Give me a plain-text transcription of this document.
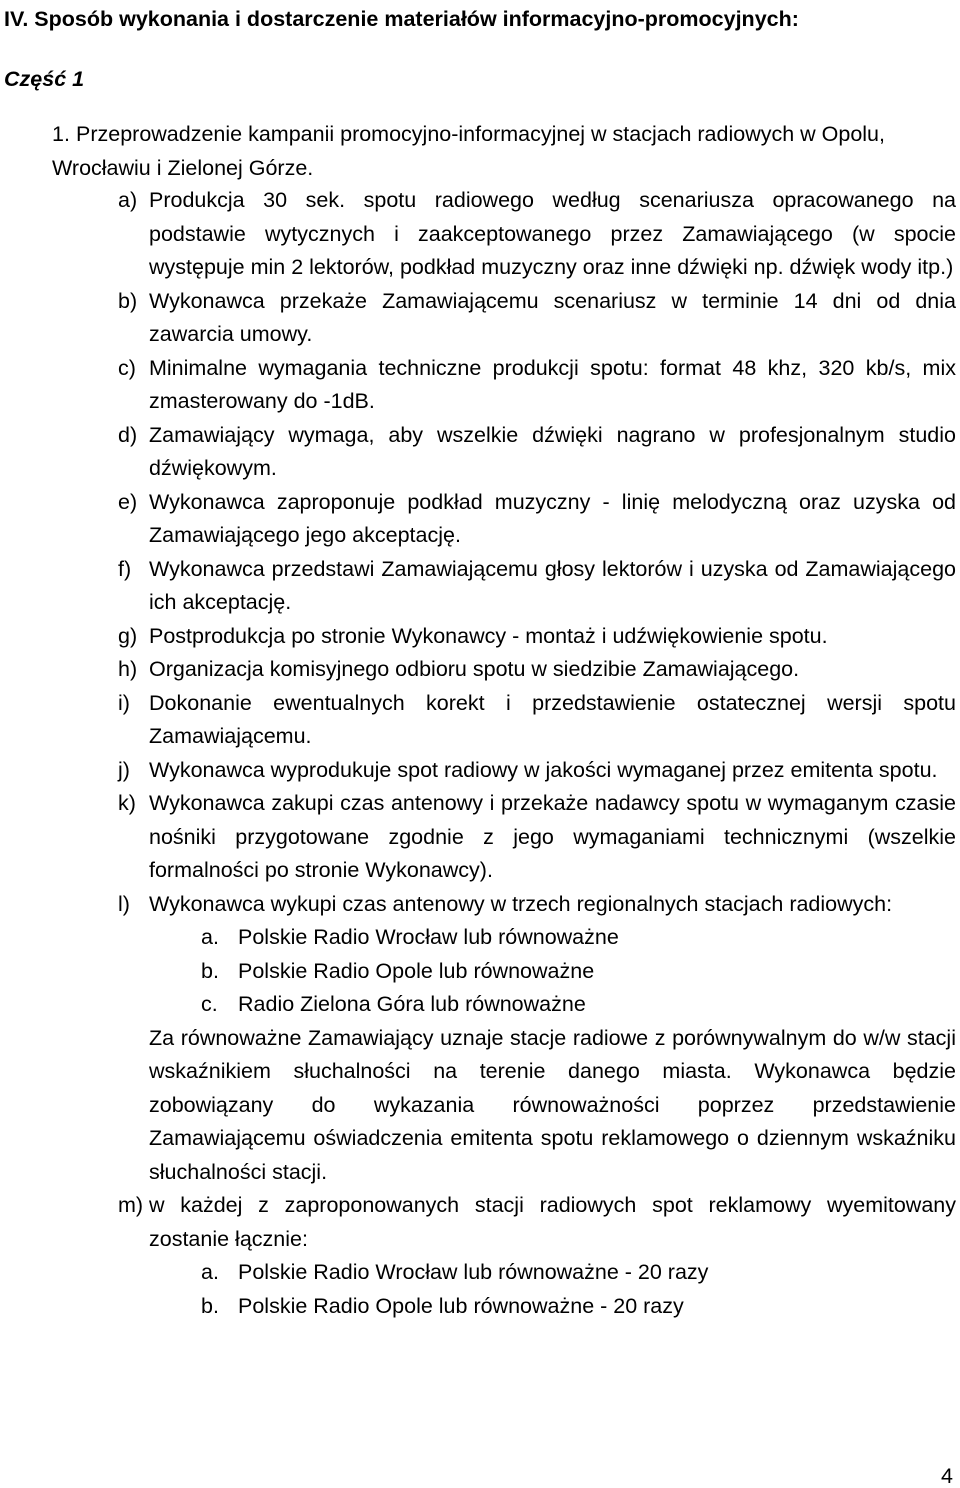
IV. Sposób wykonania i dostarczenie materiałów informacyjno-promocyjnych:
Część 1
1. Przeprowadzenie kampanii promocyjno-informacyjnej w stacjach radiowych w Opolu, Wrocławiu i Zielonej Górze.
a) Produkcja 30 sek. spotu radiowego według scenariusza opracowanego na podstawie wytycznych i zaakceptowanego przez Zamawiającego (w spocie występuje min 2 lektorów, podkład muzyczny oraz inne dźwięki np. dźwięk wody itp.)
b) Wykonawca przekaże Zamawiającemu scenariusz w terminie 14 dni od dnia zawarcia umowy.
c) Minimalne wymagania techniczne produkcji spotu: format 48 khz, 320 kb/s, mix zmasterowany do -1dB.
d) Zamawiający wymaga, aby wszelkie dźwięki nagrano w profesjonalnym studio dźwiękowym.
e) Wykonawca zaproponuje podkład muzyczny - linię melodyczną oraz uzyska od Zamawiającego jego akceptację.
f) Wykonawca przedstawi Zamawiającemu głosy lektorów i uzyska od Zamawiającego ich akceptację.
g) Postprodukcja po stronie Wykonawcy - montaż i udźwiękowienie spotu.
h) Organizacja komisyjnego odbioru spotu w siedzibie Zamawiającego.
i) Dokonanie ewentualnych korekt i przedstawienie ostatecznej wersji spotu Zamawiającemu.
j) Wykonawca wyprodukuje spot radiowy w jakości wymaganej przez emitenta spotu.
k) Wykonawca zakupi czas antenowy i przekaże nadawcy spotu w wymaganym czasie nośniki przygotowane zgodnie z jego wymaganiami technicznymi (wszelkie formalności po stronie Wykonawcy).
l) Wykonawca wykupi czas antenowy w trzech regionalnych stacjach radiowych:
a. Polskie Radio Wrocław lub równoważne
b. Polskie Radio Opole lub równoważne
c. Radio Zielona Góra lub równoważne
Za równoważne Zamawiający uznaje stacje radiowe z porównywalnym do w/w stacji wskaźnikiem słuchalności na terenie danego miasta. Wykonawca będzie zobowiązany do wykazania równoważności poprzez przedstawienie Zamawiającemu oświadczenia emitenta spotu reklamowego o dziennym wskaźniku słuchalności stacji.
m) w każdej z zaproponowanych stacji radiowych spot reklamowy wyemitowany zostanie łącznie:
a. Polskie Radio Wrocław lub równoważne - 20 razy
b. Polskie Radio Opole lub równoważne - 20 razy
4
